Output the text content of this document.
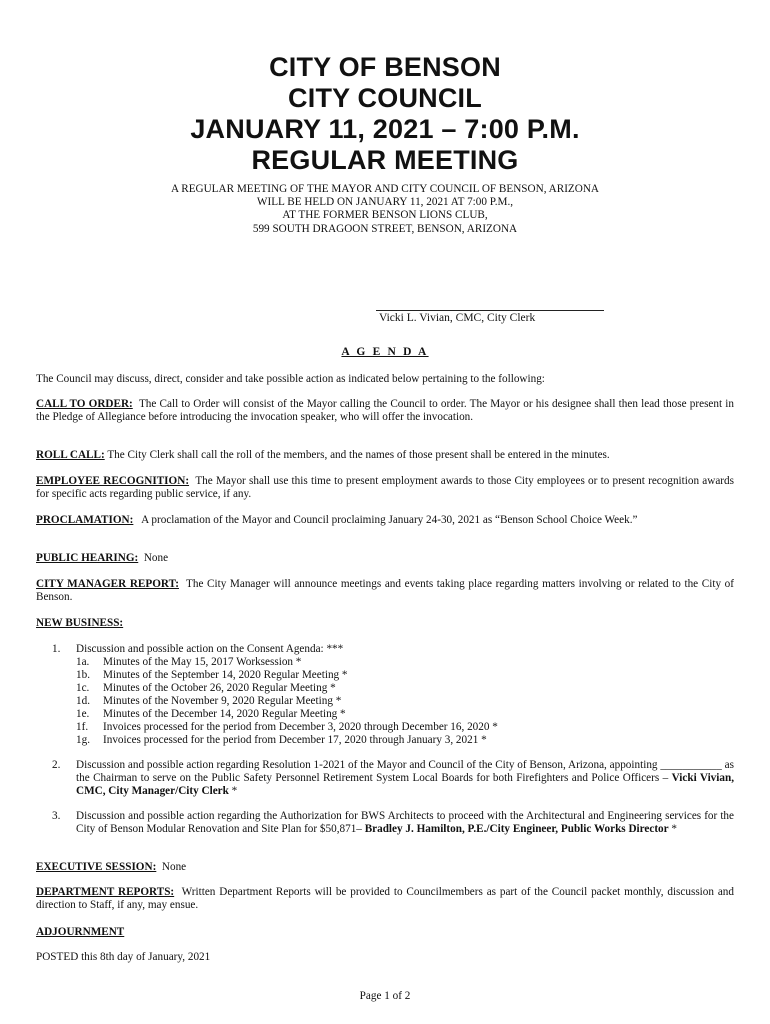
CITY OF BENSON
CITY COUNCIL
JANUARY 11, 2021 – 7:00 P.M.
REGULAR MEETING
A REGULAR MEETING OF THE MAYOR AND CITY COUNCIL OF BENSON, ARIZONA
WILL BE HELD ON JANUARY 11, 2021 AT 7:00 P.M.,
AT THE FORMER BENSON LIONS CLUB,
599 SOUTH DRAGOON STREET, BENSON, ARIZONA
Vicki L. Vivian, CMC, City Clerk
A G E N D A
The Council may discuss, direct, consider and take possible action as indicated below pertaining to the following:
CALL TO ORDER: The Call to Order will consist of the Mayor calling the Council to order. The Mayor or his designee shall then lead those present in the Pledge of Allegiance before introducing the invocation speaker, who will offer the invocation.
ROLL CALL: The City Clerk shall call the roll of the members, and the names of those present shall be entered in the minutes.
EMPLOYEE RECOGNITION: The Mayor shall use this time to present employment awards to those City employees or to present recognition awards for specific acts regarding public service, if any.
PROCLAMATION: A proclamation of the Mayor and Council proclaiming January 24-30, 2021 as “Benson School Choice Week.”
PUBLIC HEARING: None
CITY MANAGER REPORT: The City Manager will announce meetings and events taking place regarding matters involving or related to the City of Benson.
NEW BUSINESS:
1. Discussion and possible action on the Consent Agenda: ***
1a. Minutes of the May 15, 2017 Worksession *
1b. Minutes of the September 14, 2020 Regular Meeting *
1c. Minutes of the October 26, 2020 Regular Meeting *
1d. Minutes of the November 9, 2020 Regular Meeting *
1e. Minutes of the December 14, 2020 Regular Meeting *
1f. Invoices processed for the period from December 3, 2020 through December 16, 2020 *
1g. Invoices processed for the period from December 17, 2020 through January 3, 2021 *
2. Discussion and possible action regarding Resolution 1-2021 of the Mayor and Council of the City of Benson, Arizona, appointing ___________ as the Chairman to serve on the Public Safety Personnel Retirement System Local Boards for both Firefighters and Police Officers – Vicki Vivian, CMC, City Manager/City Clerk *
3. Discussion and possible action regarding the Authorization for BWS Architects to proceed with the Architectural and Engineering services for the City of Benson Modular Renovation and Site Plan for $50,871– Bradley J. Hamilton, P.E./City Engineer, Public Works Director *
EXECUTIVE SESSION: None
DEPARTMENT REPORTS: Written Department Reports will be provided to Councilmembers as part of the Council packet monthly, discussion and direction to Staff, if any, may ensue.
ADJOURNMENT
POSTED this 8th day of January, 2021
Page 1 of 2
